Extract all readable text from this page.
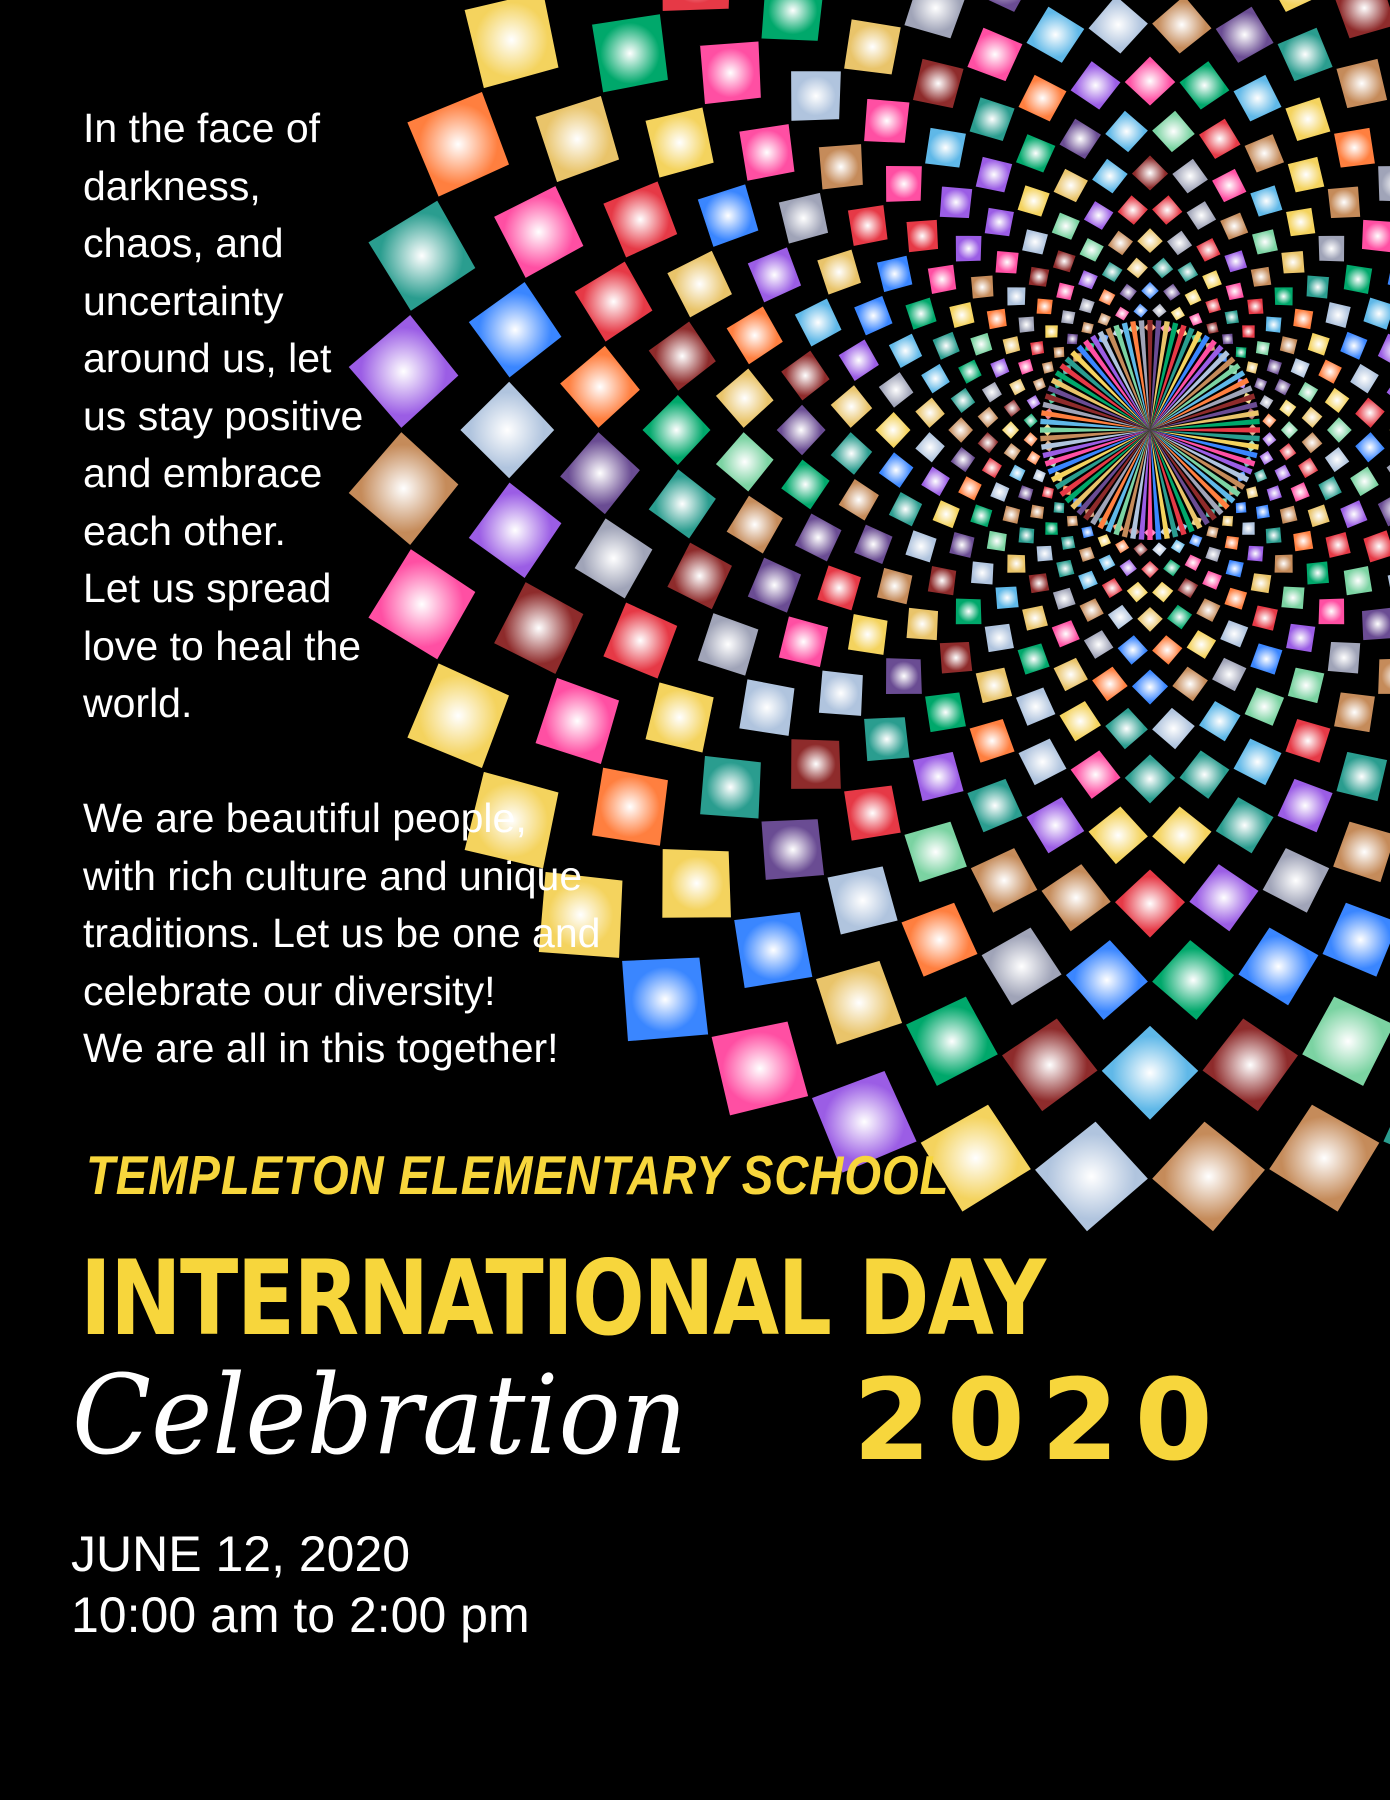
In the face of
darkness,
chaos, and
uncertainty
around us, let
us stay positive
and embrace
each other.
Let us spread
love to heal the
world.

We are beautiful people,
with rich culture and unique
traditions. Let us be one and
celebrate our diversity!
We are all in this together!

TEMPLETON ELEMENTARY SCHOOL

INTERNATIONAL DAY

Celebration 2020

JUNE 12, 2020

10:00 am to 2:00 pm
